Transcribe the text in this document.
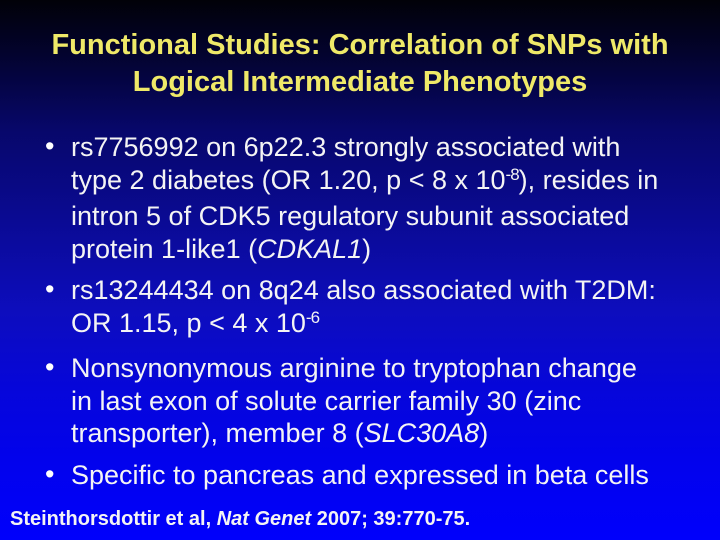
Functional Studies: Correlation of SNPs with
Logical Intermediate Phenotypes
• rs7756992 on 6p22.3 strongly associated with type 2 diabetes (OR 1.20, p < 8 x $10^{-8}$), resides in intron 5 of CDK5 regulatory subunit associated protein 1-like1 (CDKAL1)
• rs13244434 on 8q24 also associated with T2DM: OR 1.15, p < 4 x $10^{-6}$
• Nonsynonymous arginine to tryptophan change in last exon of solute carrier family 30 (zinc transporter), member 8 (SLC30A8)
• Specific to pancreas and expressed in beta cells
Steinthorsdottir et al, Nat Genet 2007; 39:770-75.
